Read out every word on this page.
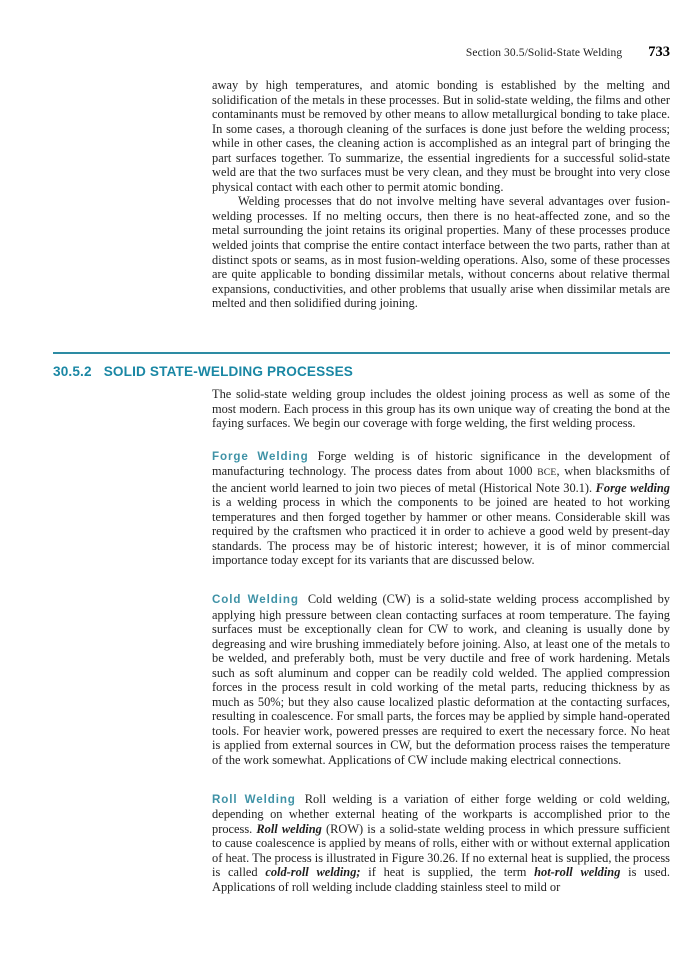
Section 30.5/Solid-State Welding 733

away by high temperatures, and atomic bonding is established by the melting and solidification of the metals in these processes. But in solid-state welding, the films and other contaminants must be removed by other means to allow metallurgical bonding to take place. In some cases, a thorough cleaning of the surfaces is done just before the welding process; while in other cases, the cleaning action is accomplished as an integral part of bringing the part surfaces together. To summarize, the essential ingredients for a successful solid-state weld are that the two surfaces must be very clean, and they must be brought into very close physical contact with each other to permit atomic bonding.

Welding processes that do not involve melting have several advantages over fusion-welding processes. If no melting occurs, then there is no heat-affected zone, and so the metal surrounding the joint retains its original properties. Many of these processes produce welded joints that comprise the entire contact interface between the two parts, rather than at distinct spots or seams, as in most fusion-welding operations. Also, some of these processes are quite applicable to bonding dissimilar metals, without concerns about relative thermal expansions, conductivities, and other problems that usually arise when dissimilar metals are melted and then solidified during joining.

30.5.2 SOLID STATE-WELDING PROCESSES

The solid-state welding group includes the oldest joining process as well as some of the most modern. Each process in this group has its own unique way of creating the bond at the faying surfaces. We begin our coverage with forge welding, the first welding process.

Forge Welding Forge welding is of historic significance in the development of manufacturing technology. The process dates from about 1000 BCE, when blacksmiths of the ancient world learned to join two pieces of metal (Historical Note 30.1). Forge welding is a welding process in which the components to be joined are heated to hot working temperatures and then forged together by hammer or other means. Considerable skill was required by the craftsmen who practiced it in order to achieve a good weld by present-day standards. The process may be of historic interest; however, it is of minor commercial importance today except for its variants that are discussed below.

Cold Welding Cold welding (CW) is a solid-state welding process accomplished by applying high pressure between clean contacting surfaces at room temperature. The faying surfaces must be exceptionally clean for CW to work, and cleaning is usually done by degreasing and wire brushing immediately before joining. Also, at least one of the metals to be welded, and preferably both, must be very ductile and free of work hardening. Metals such as soft aluminum and copper can be readily cold welded. The applied compression forces in the process result in cold working of the metal parts, reducing thickness by as much as 50%; but they also cause localized plastic deformation at the contacting surfaces, resulting in coalescence. For small parts, the forces may be applied by simple hand-operated tools. For heavier work, powered presses are required to exert the necessary force. No heat is applied from external sources in CW, but the deformation process raises the temperature of the work somewhat. Applications of CW include making electrical connections.

Roll Welding Roll welding is a variation of either forge welding or cold welding, depending on whether external heating of the workparts is accomplished prior to the process. Roll welding (ROW) is a solid-state welding process in which pressure sufficient to cause coalescence is applied by means of rolls, either with or without external application of heat. The process is illustrated in Figure 30.26. If no external heat is supplied, the process is called cold-roll welding; if heat is supplied, the term hot-roll welding is used. Applications of roll welding include cladding stainless steel to mild or
